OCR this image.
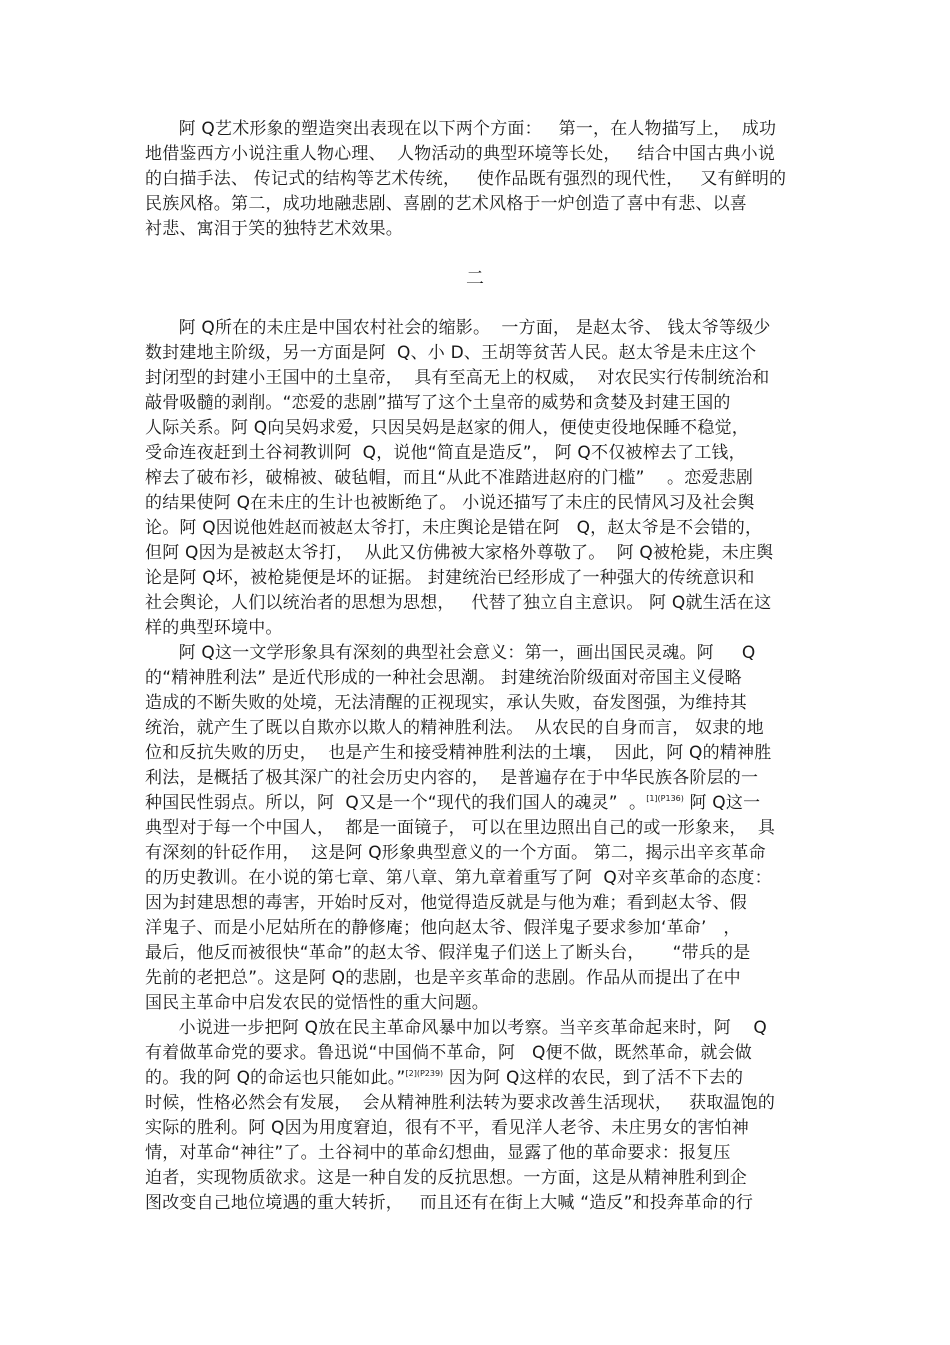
阿 Q艺术形象的塑造突出表现在以下两个方面：   第一，在人物描写上，  成功
地借鉴西方小说注重人物心理、  人物活动的典型环境等长处，   结合中国古典小说
的白描手法、 传记式的结构等艺术传统，   使作品既有强烈的现代性，   又有鲜明的
民族风格。第二，成功地融悲剧、喜剧的艺术风格于一炉创造了喜中有悲、以喜
衬悲、寓泪于笑的独特艺术效果。
二
阿 Q所在的未庄是中国农村社会的缩影。  一方面， 是赵太爷、 钱太爷等级少
数封建地主阶级，另一方面是阿  Q、小 D、王胡等贫苦人民。赵太爷是未庄这个
封闭型的封建小王国中的土皇帝，  具有至高无上的权威，  对农民实行传制统治和
敲骨吸髓的剥削。“恋爱的悲剧”描写了这个土皇帝的威势和贪婪及封建王国的
人际关系。阿 Q向吴妈求爱，只因吴妈是赵家的佣人，便使吏役地保睡不稳觉，
受命连夜赶到土谷祠教训阿  Q，说他“简直是造反”， 阿 Q不仅被榨去了工钱，
榨去了破布衫，破棉被、破毡帽，而且“从此不准踏进赵府的门槛”    。恋爱悲剧
的结果使阿 Q在未庄的生计也被断绝了。 小说还描写了未庄的民情风习及社会舆
论。阿 Q因说他姓赵而被赵太爷打，未庄舆论是错在阿   Q，赵太爷是不会错的，
但阿 Q因为是被赵太爷打，  从此又仿佛被大家格外尊敬了。  阿 Q被枪毙，未庄舆
论是阿 Q坏，被枪毙便是坏的证据。 封建统治已经形成了一种强大的传统意识和
社会舆论，人们以统治者的思想为思想，   代替了独立自主意识。 阿 Q就生活在这
样的典型环境中。
阿 Q这一文学形象具有深刻的典型社会意义：第一，画出国民灵魂。阿     Q
的“精神胜利法” 是近代形成的一种社会思潮。 封建统治阶级面对帝国主义侵略
造成的不断失败的处境，无法清醒的正视现实，承认失败，奋发图强，为维持其
统治，就产生了既以自欺亦以欺人的精神胜利法。  从农民的自身而言， 奴隶的地
位和反抗失败的历史，  也是产生和接受精神胜利法的土壤，  因此，阿 Q的精神胜
利法，是概括了极其深广的社会历史内容的，  是普遍存在于中华民族各阶层的一
种国民性弱点。所以，阿  Q又是一个“现代的我们国人的魂灵”  。$^{[1](P136)}$ 阿 Q这一
典型对于每一个中国人，  都是一面镜子， 可以在里边照出自己的或一形象来，  具
有深刻的针砭作用，  这是阿 Q形象典型意义的一个方面。 第二，揭示出辛亥革命
的历史教训。在小说的第七章、第八章、第九章着重写了阿  Q对辛亥革命的态度：
因为封建思想的毒害，开始时反对，他觉得造反就是与他为难；看到赵太爷、假
洋鬼子、而是小尼姑所在的静修庵；他向赵太爷、假洋鬼子要求参加‘革命’   ，
最后，他反而被很快“革命”的赵太爷、假洋鬼子们送上了断头台，     “带兵的是
先前的老把总”。这是阿 Q的悲剧，也是辛亥革命的悲剧。作品从而提出了在中
国民主革命中启发农民的觉悟性的重大问题。
小说进一步把阿 Q放在民主革命风暴中加以考察。当辛亥革命起来时，阿    Q
有着做革命党的要求。鲁迅说“中国倘不革命，阿   Q便不做，既然革命，就会做
的。我的阿 Q的命运也只能如此。”$^{[2](P239)}$ 因为阿 Q这样的农民，到了活不下去的
时候，性格必然会有发展，  会从精神胜利法转为要求改善生活现状，   获取温饱的
实际的胜利。阿 Q因为用度窘迫，很有不平，看见洋人老爷、未庄男女的害怕神
情，对革命“神往”了。土谷祠中的革命幻想曲，显露了他的革命要求：报复压
迫者，实现物质欲求。这是一种自发的反抗思想。一方面，这是从精神胜利到企
图改变自己地位境遇的重大转折，   而且还有在街上大喊 “造反”和投奔革命的行
